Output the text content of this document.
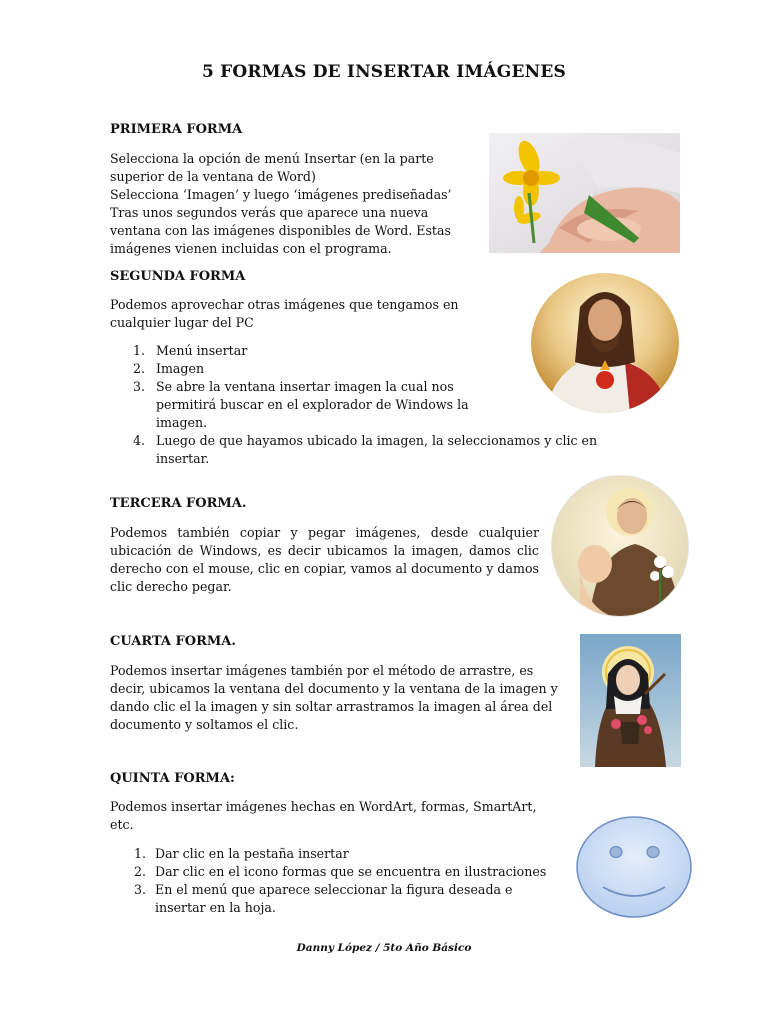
5 FORMAS DE INSERTAR IMÁGENES
PRIMERA FORMA
Selecciona la opción de menú Insertar (en la parte
superior de la ventana de Word)
Selecciona ‘Imagen’ y luego ‘imágenes prediseñadas’
Tras unos segundos verás que aparece una nueva
ventana con las imágenes disponibles de Word. Estas
imágenes vienen incluidas con el programa.
SEGUNDA FORMA
Podemos aprovechar otras imágenes que tengamos en
cualquier lugar del PC
1. Menú insertar
2. Imagen
3. Se abre la ventana insertar imagen la cual nos
permitirá buscar en el explorador de Windows la
imagen.
4. Luego de que hayamos ubicado la imagen, la seleccionamos y clic en
insertar.
TERCERA FORMA.
Podemos también copiar y pegar imágenes, desde cualquier ubicación de Windows, es decir ubicamos la imagen, damos clic derecho con el mouse, clic en copiar, vamos al documento y damos clic derecho pegar.
CUARTA FORMA.
Podemos insertar imágenes también por el método de arrastre, es
decir, ubicamos la ventana del documento y la ventana de la imagen y
dando clic el la imagen y sin soltar arrastramos la imagen al área del
documento y soltamos el clic.
QUINTA FORMA:
Podemos insertar imágenes hechas en WordArt, formas, SmartArt,
etc.
1. Dar clic en la pestaña insertar
2. Dar clic en el icono formas que se encuentra en ilustraciones
3. En el menú que aparece seleccionar la figura deseada e
insertar en la hoja.
Danny López / 5to Año Básico
